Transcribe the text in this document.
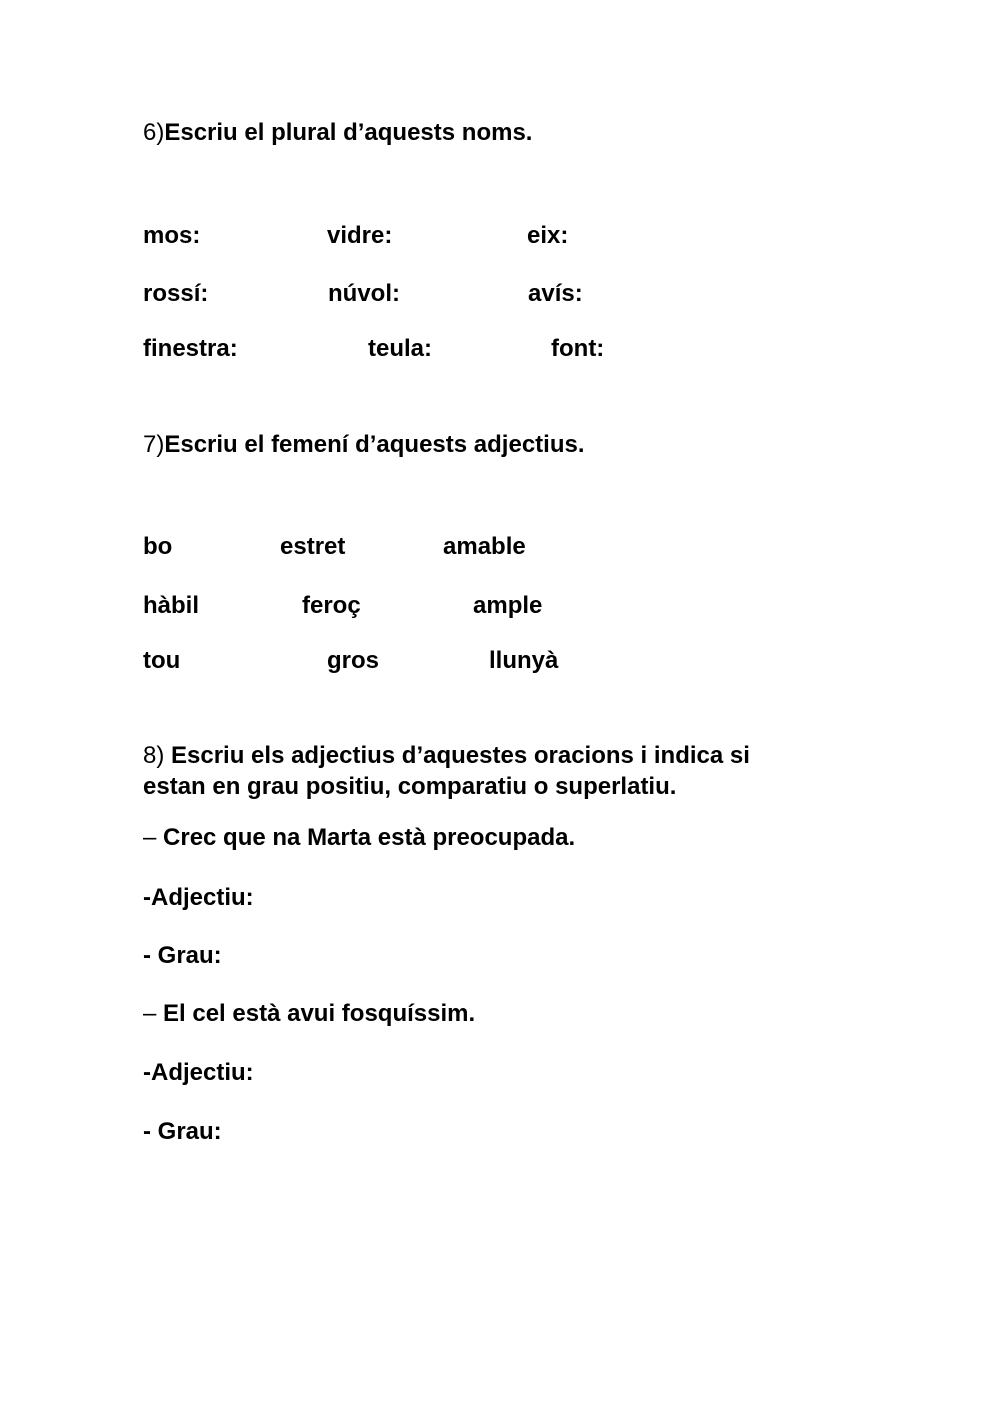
6)Escriu el plural d’aquests noms.
mos:	vidre:	eix:
rossí:	núvol:	avís:
finestra:	teula:	font:
7)Escriu el femení d’aquests adjectius.
bo	estret	amable
hàbil	feroç	ample
tou	gros	llunyà
8) Escriu els adjectius d’aquestes oracions i indica si
estan en grau positiu, comparatiu o superlatiu.
– Crec que na Marta està preocupada.
-Adjectiu:
- Grau:
– El cel està avui fosquíssim.
-Adjectiu:
- Grau:
